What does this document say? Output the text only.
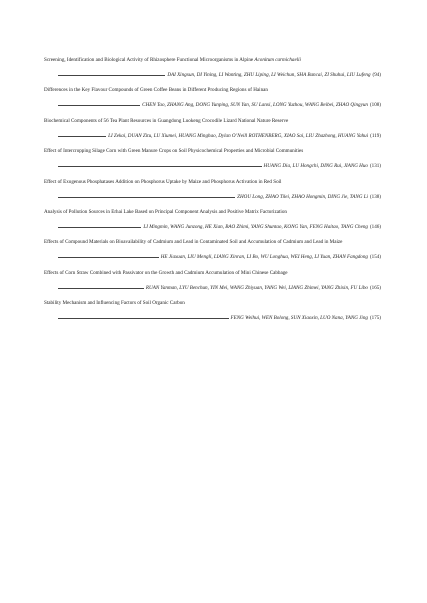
Screening, Identification and Biological Activity of Rhizosphere Functional Microorganisms in Alpine Aconitum carmichaelii
DAI Xingxun, DI Yining, LI Wanting, ZHU Liping, LI Weichun, SHA Bancai, ZI Shuhui, LIU Lufeng (94)
Differences in the Key Flavour Compounds of Green Coffee Beans in Different Producing Regions of Hainan
CHEN Tao, ZHANG Ang, DONG Yunping, SUN Yan, SU Lanxi, LONG Yuzhou, WANG Beibei, ZHAO Qingyun (108)
Biochemical Components of 56 Tea Plant Resources in Guangdong Luokeng Crocodile Lizard National Nature Reserve
LI Zekai, DUAN Zitu, LU Xiumei, HUANG Minghao, Dylan O’Neill ROTHENBERG, XIAO Sai, LIU Zhazhong, HUANG Yahui (119)
Effect of Intercropping Silage Corn with Green Manure Crops on Soil Physicochemical Properties and Microbial Communities
HUANG Dia, LU Hongchi, DING Rui, JIANG Huo (131)
Effect of Exogenous Phosphatases Addition on Phosphorus Uptake by Maize and Phosphorus Activation in Red Soil
ZHOU Long, ZHAO Tilei, ZHAO Hongmin, DING Jie, TANG Li (138)
Analysis of Pollution Sources in Erhai Lake Based on Principal Component Analysis and Positive Matrix Factorization
LI Mingmin, WANG Junzong, HE Xian, BAO Zhimi, YANG Shuntao, KONG Yan, FENG Haitao, TANG Cheng (146)
Effects of Compound Materials on Bioavailability of Cadmium and Lead in Contaminated Soil and Accumulation of Cadmium and Lead in Maize
HE Jiaxuan, LIU Mengli, LIANG Xinran, LI Bo, WU Longhua, WEI Heng, LI Yuan, ZHAN Fangdong (154)
Effects of Corn Straw Combined with Passivator on the Growth and Cadmium Accumulation of Mini Chinese Cabbage
RUAN Yanman, LYU Benchun, YIN Mei, WANG Zhiyuan, YANG Wei, LIANG Zhimei, YANG Zhixin, FU Libo (165)
Stability Mechanism and Influencing Factors of Soil Organic Carbon
FENG Weihui, WEN Bolong, SUN Xiaoxin, LUO Nana, YANG Jing (175)
